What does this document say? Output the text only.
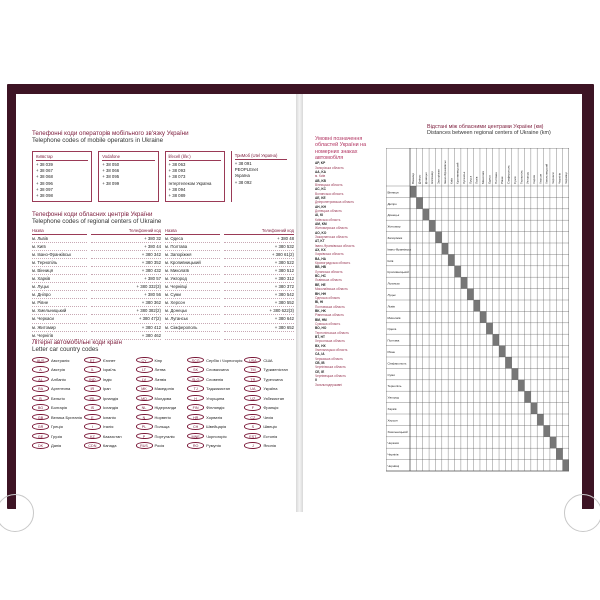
Телефонні коди операторів мобільного зв'язку України
Telephone codes of mobile operators in Ukraine
Київстар
+ 38 039
+ 38 067
+ 38 068
+ 38 096
+ 38 097
+ 38 098
Vodafone
+ 38 050
+ 38 066
+ 38 095
+ 38 099
lifecell (life:)
+ 38 063
+ 38 093
+ 38 073
Інтертелеком Україна
+ 38 094
+ 38 089
ТриМоб (Utel Україна)
+ 38 091
PEOPLEnet
Україна
+ 38 092
Телефонні коди обласних центрів України
Telephone codes of regional centers of Ukraine
Назва	Телефонний код Назва	Телефонний код
м. Львів	+ 380 32 м. Одеса	+ 380 48
м. Київ	+ 380 44 м. Полтава	+ 380 532
м. Івано-Франківськ	+ 380 342 м. Запоріжжя	+ 380 61(2)
м. Тернопіль	+ 380 352 м. Кропивницький	+ 380 522
м. Вінниця	+ 380 432 м. Миколаїв	+ 380 512
м. Харків	+ 380 57 м. Ужгород	+ 380 312
м. Луцьк	+ 380 332(3) м. Чернівці	+ 380 372
м. Дніпро	+ 380 56 м. Суми	+ 380 542
м. Рівне	+ 380 362 м. Херсон	+ 380 552
м. Хмельницький	+ 380 382(2) м. Донецьк	+ 380 622(3)
м. Черкаси	+ 380 47(2) м. Луганськ	+ 380 642
м. Житомир	+ 380 412 м. Сімферополь	+ 380 652
м. Чернігів	+ 380 462
Літерні автомобільні коди країн
Letter car country codes
AUS	Австралія	ET	Єгипет	CY	Кіпр	SCG	Сербія і Чорногорія	USA	США
A	Австрія	IL	Ізраїль	LT	Литва	SK	Словаччина	TM	Туркменістан
AL	Албанія	IND	Індія	LV	Латвія	SLO	Словенія	TR	Туреччина
RA	Аргентина	IR	Іран	MK	Македонія	TJ	Таджикистан	UA	Україна
B	Бельгія	IRL	Ірландія	MD	Молдова	H	Угорщина	UZ	Узбекистан
BG	Болгарія	IS	Ісландія	NL	Нідерланди	FIN	Фінляндія	F	Франція
GB	Велика Британія	E	Іспанія	N	Норвегія	HR	Хорватія	CZ	Чехія
GR	Греція	I	Італія	PL	Польща	CH	Швейцарія	S	Швеція
GE	Грузія	KZ	Казахстан	P	Португалія	MNE	Чорногорія	EST	Естонія
DK	Данія	CDN	Канада	RUS	Росія	RO	Румунія	J	Японія
Умовні позначення областей України на номерних знаках автомобіля
AP, KP
Запорізька область
AA, KA
м. Київ
AB, KB
Вінницька область
AC, KC
Волинська область
AE, KE
Дніпропетровська область
AH, KH
Донецька область
AI, KI
Київська область
AM, KM
Житомирська область
AO, KO
Закарпатська область
AT, KT
Івано-Франківська область
AX, KX
Харківська область
BA, HA
Кіровоградська область
BB, HB
Луганська область
BC, HC
Львівська область
BE, HE
Миколаївська область
BH, HH
Одеська область
BI, HI
Полтавська область
BK, HK
Рівненська область
BM, HM
Сумська область
BO, HO
Тернопільська область
BT, HT
Херсонська область
BX, HX
Хмельницька область
CA, IA
Черкаська область
CB, IB
Чернігівська область
CE, IE
Чернівецька область
II
Загальнодержавні
Відстані між обласними центрами України (км)
Distances between regional centers of Ukraine (km)
Вінниця
Вінниця
Дніпро
Дніпро
Донецьк
Донецьк
Житомир
Житомир
Запоріжжя
Запоріжжя
Івано-Франківськ
Івано-Франківськ
Київ
Київ
Кропивницький
Кропивницький
Луганськ
Луганськ
Луцьк
Луцьк
Львів
Львів
Миколаїв
Миколаїв
Одеса
Одеса
Полтава
Полтава
Рівне
Рівне
Сімферополь
Сімферополь
Суми
Суми
Тернопіль
Тернопіль
Ужгород
Ужгород
Харків
Харків
Херсон
Херсон
Хмельницький
Хмельницький
Черкаси
Черкаси
Чернігів
Чернігів
Чернівці
Чернівці
